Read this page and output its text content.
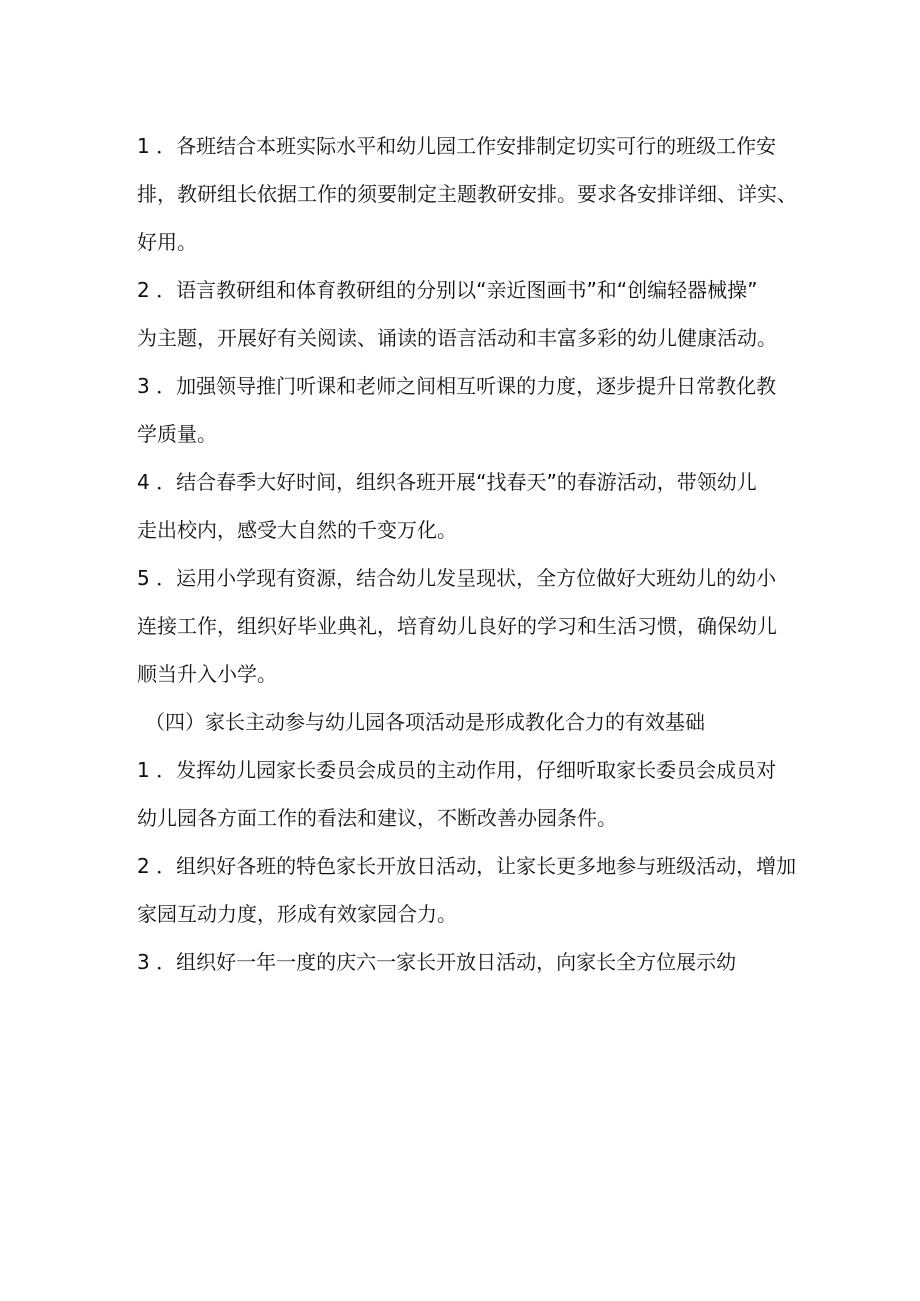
1 ．各班结合本班实际水平和幼儿园工作安排制定切实可行的班级工作安
排，教研组长依据工作的须要制定主题教研安排。要求各安排详细、详实、
好用。
2 ．语言教研组和体育教研组的分别以“亲近图画书”和“创编轻器械操”
为主题，开展好有关阅读、诵读的语言活动和丰富多彩的幼儿健康活动。
3 ．加强领导推门听课和老师之间相互听课的力度，逐步提升日常教化教
学质量。
4 ．结合春季大好时间，组织各班开展“找春天”的春游活动，带领幼儿
走出校内，感受大自然的千变万化。
5 ．运用小学现有资源，结合幼儿发呈现状，全方位做好大班幼儿的幼小
连接工作，组织好毕业典礼，培育幼儿良好的学习和生活习惯，确保幼儿
顺当升入小学。
（四）家长主动参与幼儿园各项活动是形成教化合力的有效基础
1 ．发挥幼儿园家长委员会成员的主动作用，仔细听取家长委员会成员对
幼儿园各方面工作的看法和建议，不断改善办园条件。
2 ．组织好各班的特色家长开放日活动，让家长更多地参与班级活动，增加
家园互动力度，形成有效家园合力。
3 ．组织好一年一度的庆六一家长开放日活动，向家长全方位展示幼
